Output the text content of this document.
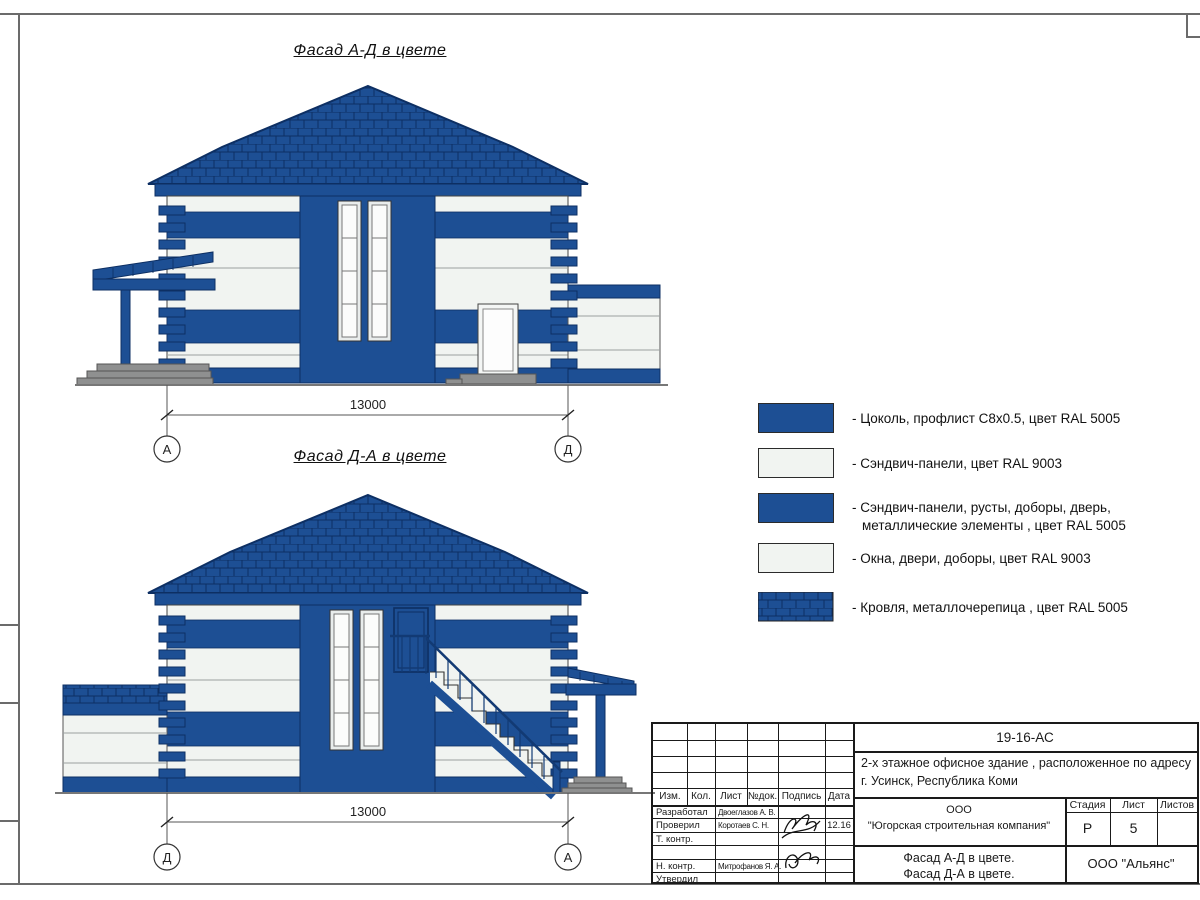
Фасад А-Д в цвете
Фасад Д-А в цвете
13000
А	Д
13000
Д	А
- Цоколь, профлист С8х0.5, цвет RAL 5005
- Сэндвич-панели, цвет RAL 9003
- Сэндвич-панели, русты, доборы, дверь,
металлические элементы , цвет RAL 5005
- Окна, двери, доборы, цвет RAL 9003
- Кровля, металлочерепица , цвет RAL 5005
Изм.	Кол. Лист №док. Подпись Дата
Разработал	Двоеглазов А. В.
Проверил	Коротаев С. Н.	12.16
Т. контр.
Н. контр.	Митрофанов Я. А.
Утвердил
19-16-АС
2-х этажное офисное здание , расположенное по адресу
г. Усинск, Республика Коми
ООО
"Югорская строительная компания"
Стадия	Лист	Листов
Р	5
Фасад А-Д в цвете.
Фасад Д-А в цвете.
ООО "Альянс"
